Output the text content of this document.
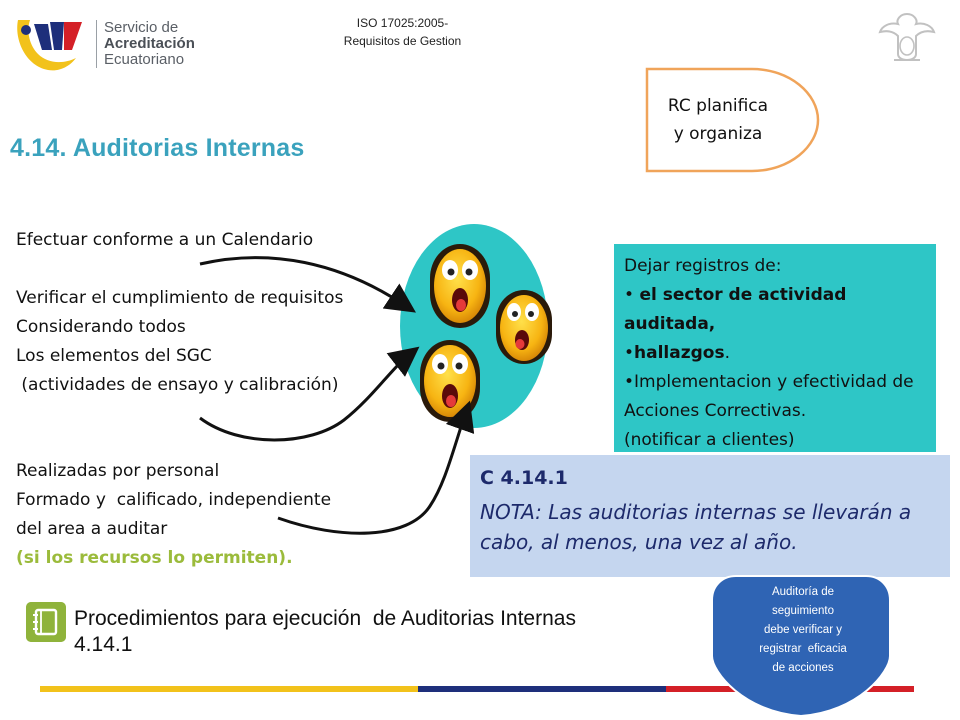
Servicio de
Acreditación
Ecuatoriano
ISO 17025:2005-
Requisitos de Gestion
4.14. Auditorias Internas
RC planifica
y organiza
Efectuar conforme a un Calendario

Verificar el cumplimiento de requisitos
Considerando todos
Los elementos del SGC
(actividades de ensayo y calibración)
Realizadas por personal
Formado y  calificado, independiente
del area a auditar
(si los recursos lo permiten).
Dejar registros de:
• el sector de actividad auditada,
•hallazgos.
•Implementacion y efectividad de Acciones Correctivas.
(notificar a clientes)
C 4.14.1
NOTA: Las auditorias internas se llevarán a cabo, al menos, una vez al año.
Procedimientos para ejecución  de Auditorias Internas
4.14.1
Auditoría de
seguimiento
debe verificar y
registrar  eficacia
de acciones
